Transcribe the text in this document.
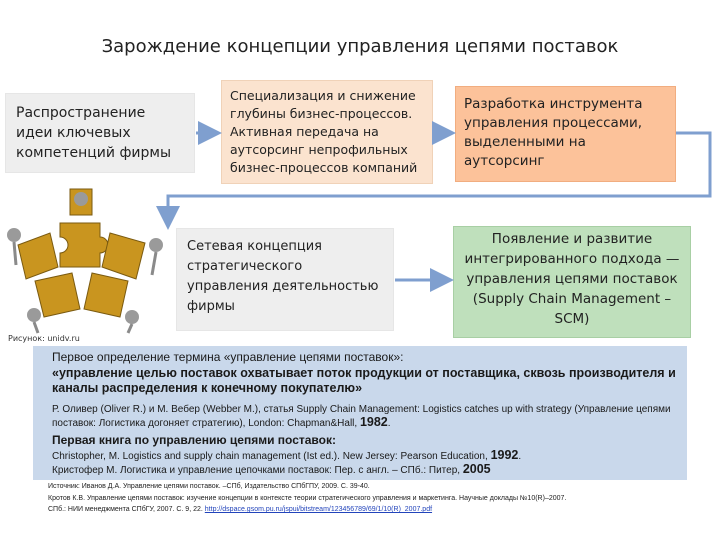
Зарождение концепции управления цепями поставок
Распространение идеи ключевых компетенций фирмы
Специализация и снижение глубины бизнес-процессов. Активная передача на аутсорсинг непрофильных бизнес-процессов компаний
Разработка инструмента управления процессами, выделенными на аутсорсинг
Сетевая концепция стратегического управления деятельностью фирмы
Появление и развитие интегрированного подхода — управления цепями поставок (Supply Chain Management – SCM)
Рисунок: unidv.ru
Первое определение термина «управление цепями поставок»:
«управление целью поставок охватывает поток продукции от поставщика, сквозь производителя и каналы распределения к конечному покупателю»
Р. Оливер (Oliver R.) и М. Вебер (Webber M.), статья Supply Chain Management: Logistics catches up with strategy (Управление цепями поставок: Логистика догоняет стратегию), London: Chapman&Hall, 1982.
Первая книга по управлению цепями поставок:
Christopher, M. Logistics and supply chain management (Ist ed.). New Jersey: Pearson Education, 1992.
Кристофер М. Логистика и управление цепочками поставок: Пер. с англ. – СПб.: Питер, 2005
Источник: Иванов Д.А. Управление цепями поставок. –СПб, Издательство СПбГПУ, 2009. С. 39-40.
Кротов К.В. Управление цепями поставок: изучение концепции в контексте теории стратегического управления и маркетинга. Научные доклады №10(R)–2007.
СПб.: НИИ менеджмента СПбГУ, 2007. С. 9, 22. http://dspace.gsom.pu.ru/jspui/bitstream/123456789/69/1/10(R)_2007.pdf
